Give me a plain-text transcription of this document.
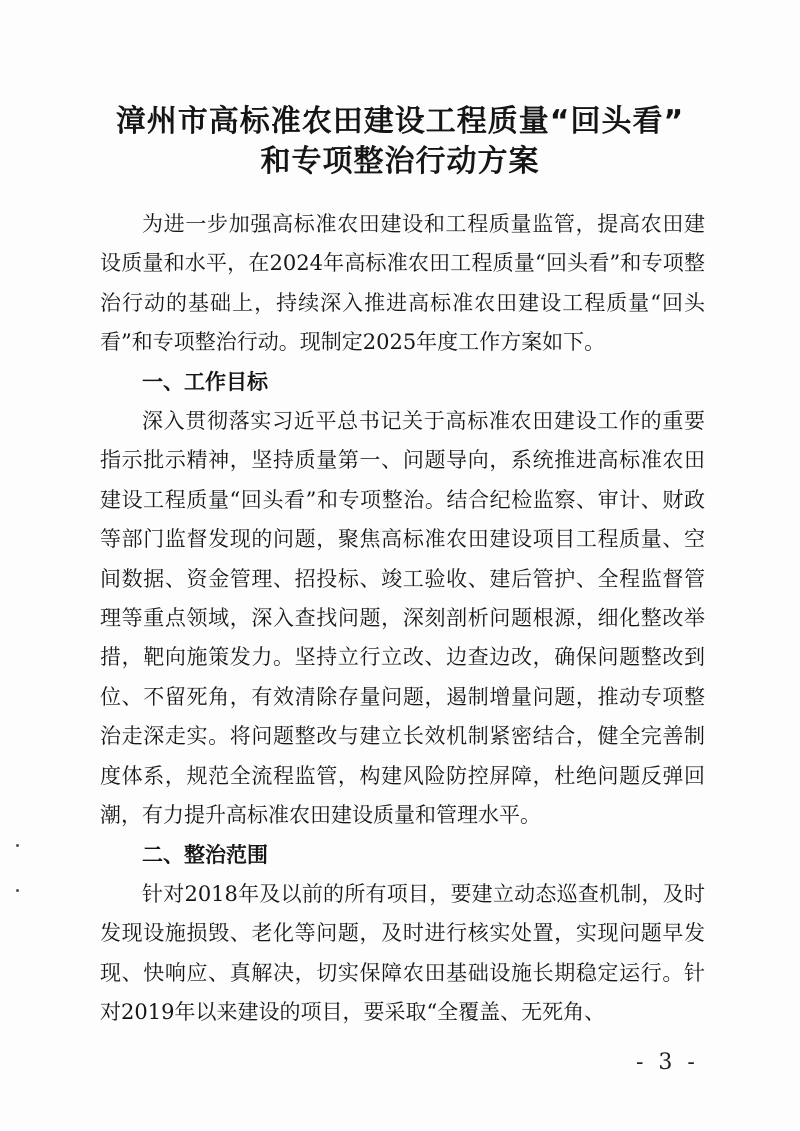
漳州市高标准农田建设工程质量“回头看”
和专项整治行动方案

为进一步加强高标准农田建设和工程质量监管，提高农田建设质量和水平，在2024年高标准农田工程质量“回头看”和专项整治行动的基础上，持续深入推进高标准农田建设工程质量“回头看”和专项整治行动。现制定2025年度工作方案如下。

一、工作目标

深入贯彻落实习近平总书记关于高标准农田建设工作的重要指示批示精神，坚持质量第一、问题导向，系统推进高标准农田建设工程质量“回头看”和专项整治。结合纪检监察、审计、财政等部门监督发现的问题，聚焦高标准农田建设项目工程质量、空间数据、资金管理、招投标、竣工验收、建后管护、全程监督管理等重点领域，深入查找问题，深刻剖析问题根源，细化整改举措，靶向施策发力。坚持立行立改、边查边改，确保问题整改到位、不留死角，有效清除存量问题，遏制增量问题，推动专项整治走深走实。将问题整改与建立长效机制紧密结合，健全完善制度体系，规范全流程监管，构建风险防控屏障，杜绝问题反弹回潮，有力提升高标准农田建设质量和管理水平。

二、整治范围

针对2018年及以前的所有项目，要建立动态巡查机制，及时发现设施损毁、老化等问题，及时进行核实处置，实现问题早发现、快响应、真解决，切实保障农田基础设施长期稳定运行。针对2019年以来建设的项目，要采取“全覆盖、无死角、

- 3 -
